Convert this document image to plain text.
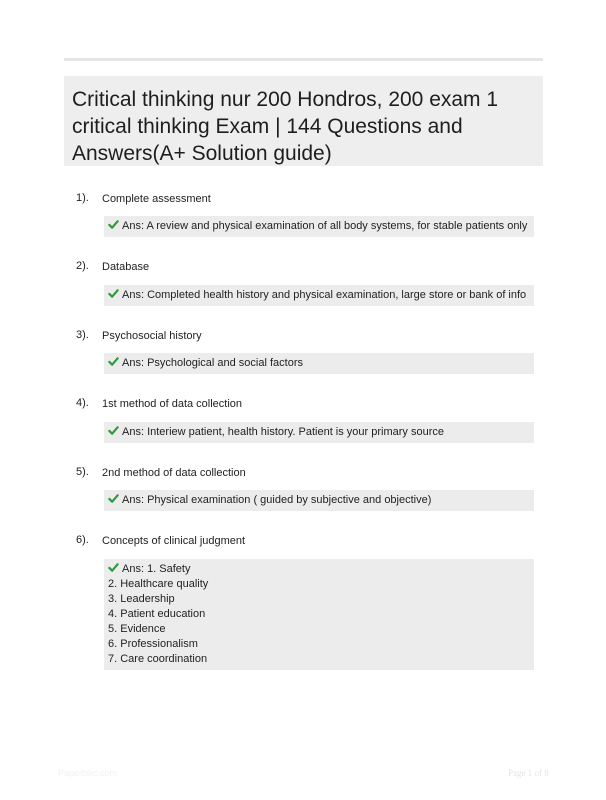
Critical thinking nur 200 Hondros, 200 exam 1 critical thinking Exam | 144 Questions and Answers(A+ Solution guide)
1). Complete assessment
Ans: A review and physical examination of all body systems, for stable patients only
2). Database
Ans: Completed health history and physical examination, large store or bank of info
3). Psychosocial history
Ans: Psychological and social factors
4). 1st method of data collection
Ans: Interiew patient, health history. Patient is your primary source
5). 2nd method of data collection
Ans: Physical examination ( guided by subjective and objective)
6). Concepts of clinical judgment
Ans: 1. Safety
2. Healthcare quality
3. Leadership
4. Patient education
5. Evidence
6. Professionalism
7. Care coordination
Paperbliic.com	Page 1 of 8
